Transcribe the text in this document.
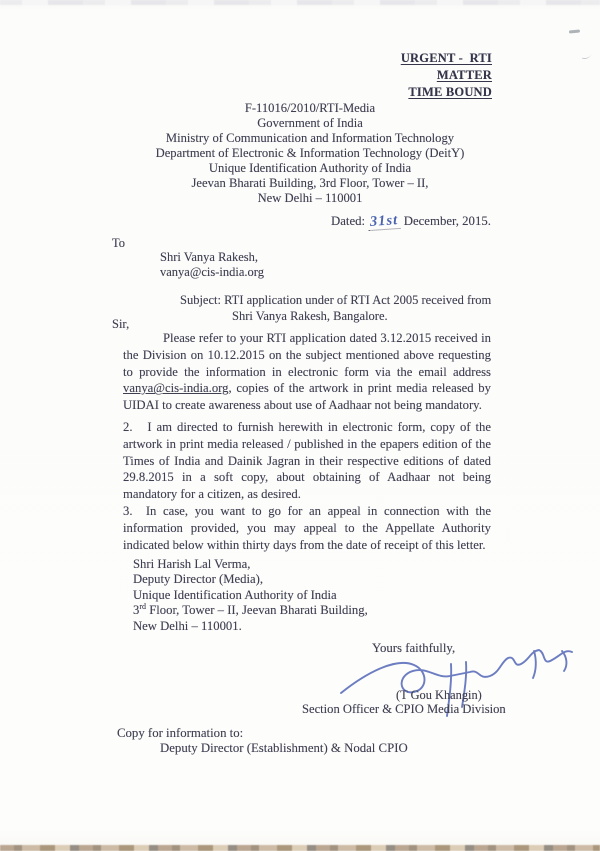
URGENT -  RTI MATTER
TIME BOUND
F-11016/2010/RTI-Media
Government of India
Ministry of Communication and Information Technology
Department of Electronic & Information Technology (DeitY)
Unique Identification Authority of India
Jeevan Bharati Building, 3rd Floor, Tower – II,
New Delhi – 110001
Dated: 31st December, 2015.
To
Shri Vanya Rakesh,
vanya@cis-india.org
Subject: RTI application under of RTI Act 2005 received from
Shri Vanya Rakesh, Bangalore.
Sir,
Please refer to your RTI application dated 3.12.2015 received in the Division on 10.12.2015 on the subject mentioned above requesting to provide the information in electronic form via the email address vanya@cis-india.org, copies of the artwork in print media released by UIDAI to create awareness about use of Aadhaar not being mandatory.
2.   I am directed to furnish herewith in electronic form, copy of the artwork in print media released / published in the epapers edition of the Times of India and Dainik Jagran in their respective editions of dated 29.8.2015 in a soft copy, about obtaining of Aadhaar not being mandatory for a citizen, as desired.
3.  In case, you want to go for an appeal in connection with the information provided, you may appeal to the Appellate Authority indicated below within thirty days from the date of receipt of this letter.
Shri Harish Lal Verma,
Deputy Director (Media),
Unique Identification Authority of India
3rd Floor, Tower – II, Jeevan Bharati Building,
New Delhi – 110001.
Yours faithfully,
(T Gou Khangin)
Section Officer & CPIO Media Division
Copy for information to:
Deputy Director (Establishment) & Nodal CPIO
